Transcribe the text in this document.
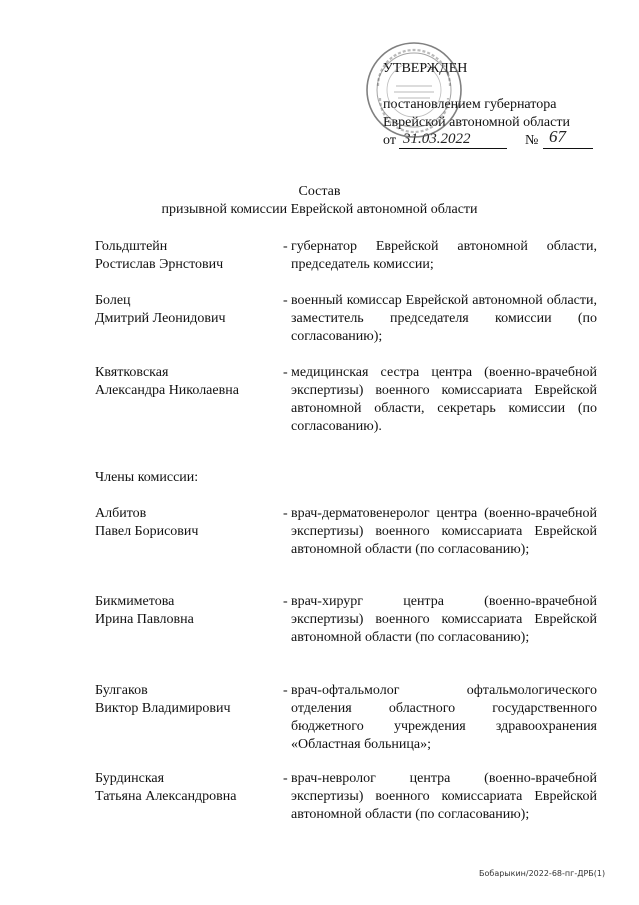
УТВЕРЖДЕН
постановлением губернатора
Еврейской автономной области
от 31.03.2022	№ 67
Состав
призывной комиссии Еврейской автономной области
Гольдштейн
Ростислав Эрнстович
- губернатор Еврейской автономной области, председатель комиссии;
Болец
Дмитрий Леонидович
- военный комиссар Еврейской автономной области, заместитель председателя комиссии (по согласованию);
Квятковская
Александра Николаевна
- медицинская сестра центра (военно-врачебной экспертизы) военного комиссариата Еврейской автономной области, секретарь комиссии (по согласованию).
Члены комиссии:
Албитов
Павел Борисович
- врач-дерматовенеролог центра (военно-врачебной экспертизы) военного комиссариата Еврейской автономной области (по согласованию);
Бикмиметова
Ирина Павловна
- врач-хирург центра (военно-врачебной экспертизы) военного комиссариата Еврейской автономной области (по согласованию);
Булгаков
Виктор Владимирович
- врач-офтальмолог офтальмологического отделения областного государственного бюджетного учреждения здравоохранения «Областная больница»;
Бурдинская
Татьяна Александровна
- врач-невролог центра (военно-врачебной экспертизы) военного комиссариата Еврейской автономной области (по согласованию);
Бобарыкин/2022-68-пг-ДРБ(1)
